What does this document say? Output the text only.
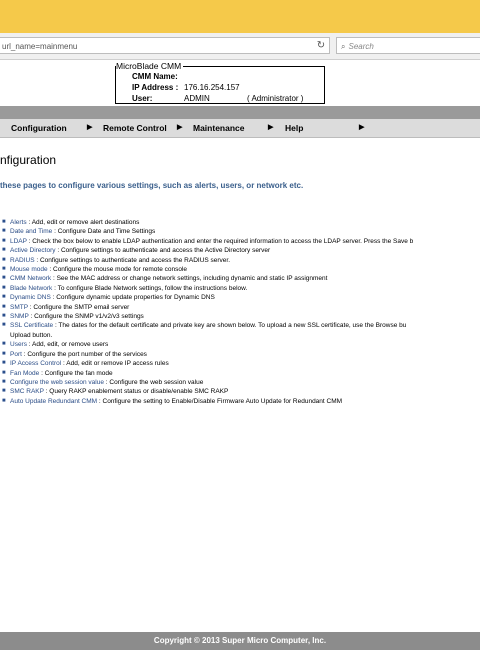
url_name=mainmenu	↻	⌕ Search
MicroBlade CMM
CMM Name:
IP Address : 176.16.254.157
User:	ADMIN	( Administrator )
Configuration	▶ Remote Control ▶ Maintenance	▶ Help	▶
nfiguration
these pages to configure various settings, such as alerts, users, or network etc.
■ Alerts : Add, edit or remove alert destinations
■ Date and Time : Configure Date and Time Settings
■ LDAP : Check the box below to enable LDAP authentication and enter the required information to access the LDAP server. Press the Save b
■ Active Directory : Configure settings to authenticate and access the Active Directory server
■ RADIUS : Configure settings to authenticate and access the RADIUS server.
■ Mouse mode : Configure the mouse mode for remote console
■ CMM Network : See the MAC address or change network settings, including dynamic and static IP assignment
■ Blade Network : To configure Blade Network settings, follow the instructions below.
■ Dynamic DNS : Configure dynamic update properties for Dynamic DNS
■ SMTP : Configure the SMTP email server
■ SNMP : Configure the SNMP v1/v2/v3 settings
■ SSL Certificate : The dates for the default certificate and private key are shown below. To upload a new SSL certificate, use the Browse bu
Upload button.
■ Users : Add, edit, or remove users
■ Port : Configure the port number of the services
■ IP Access Control : Add, edit or remove IP access rules
■ Fan Mode : Configure the fan mode
■ Configure the web session value : Configure the web session value
■ SMC RAKP : Query RAKP enablement status or disable/enable SMC RAKP
■ Auto Update Redundant CMM : Configure the setting to Enable/Disable Firmware Auto Update for Redundant CMM
Copyright © 2013 Super Micro Computer, Inc.
